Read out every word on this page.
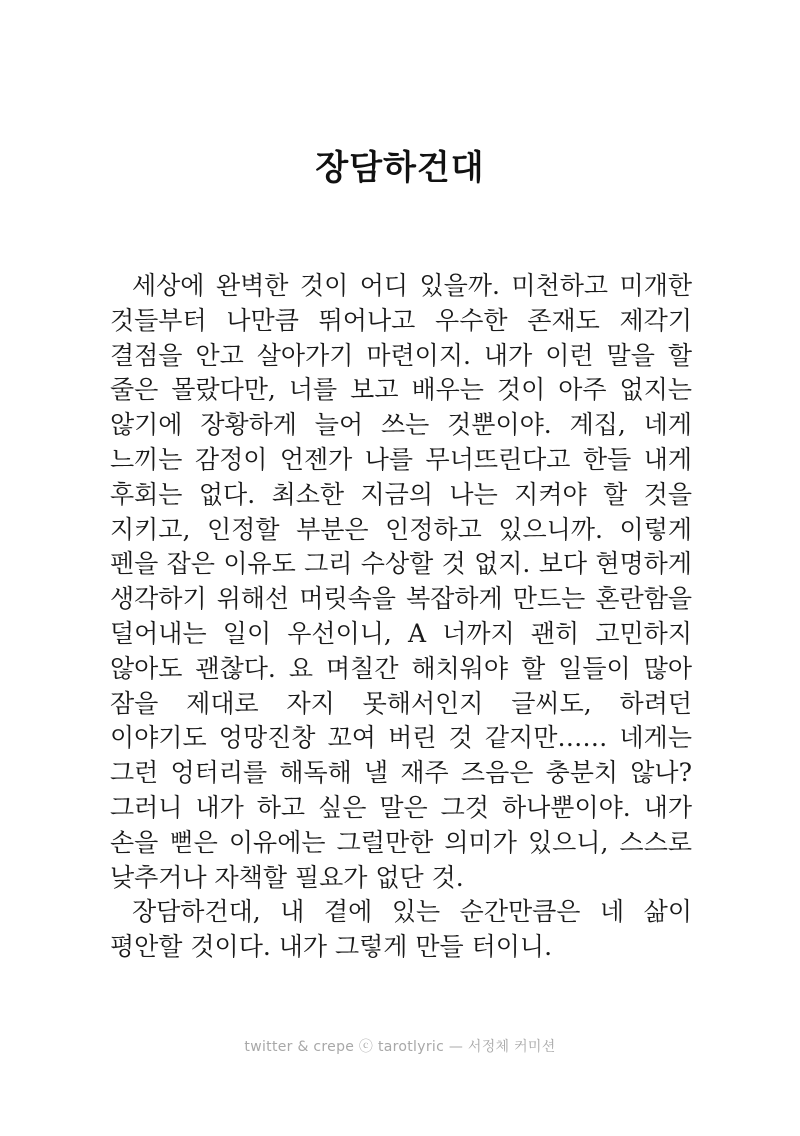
장담하건대

세상에 완벽한 것이 어디 있을까. 미천하고 미개한 것들부터 나만큼 뛰어나고 우수한 존재도 제각기 결점을 안고 살아가기 마련이지. 내가 이런 말을 할 줄은 몰랐다만, 너를 보고 배우는 것이 아주 없지는 않기에 장황하게 늘어 쓰는 것뿐이야. 계집, 네게 느끼는 감정이 언젠가 나를 무너뜨린다고 한들 내게 후회는 없다. 최소한 지금의 나는 지켜야 할 것을 지키고, 인정할 부분은 인정하고 있으니까. 이렇게 펜을 잡은 이유도 그리 수상할 것 없지. 보다 현명하게 생각하기 위해선 머릿속을 복잡하게 만드는 혼란함을 덜어내는 일이 우선이니, A 너까지 괜히 고민하지 않아도 괜찮다. 요 며칠간 해치워야 할 일들이 많아 잠을 제대로 자지 못해서인지 글씨도, 하려던 이야기도 엉망진창 꼬여 버린 것 같지만…… 네게는 그런 엉터리를 해독해 낼 재주 즈음은 충분치 않나? 그러니 내가 하고 싶은 말은 그것 하나뿐이야. 내가 손을 뻗은 이유에는 그럴만한 의미가 있으니, 스스로 낮추거나 자책할 필요가 없단 것.

장담하건대, 내 곁에 있는 순간만큼은 네 삶이 평안할 것이다. 내가 그렇게 만들 터이니.

twitter & crepe ⓒ tarotlyric — 서정체 커미션
